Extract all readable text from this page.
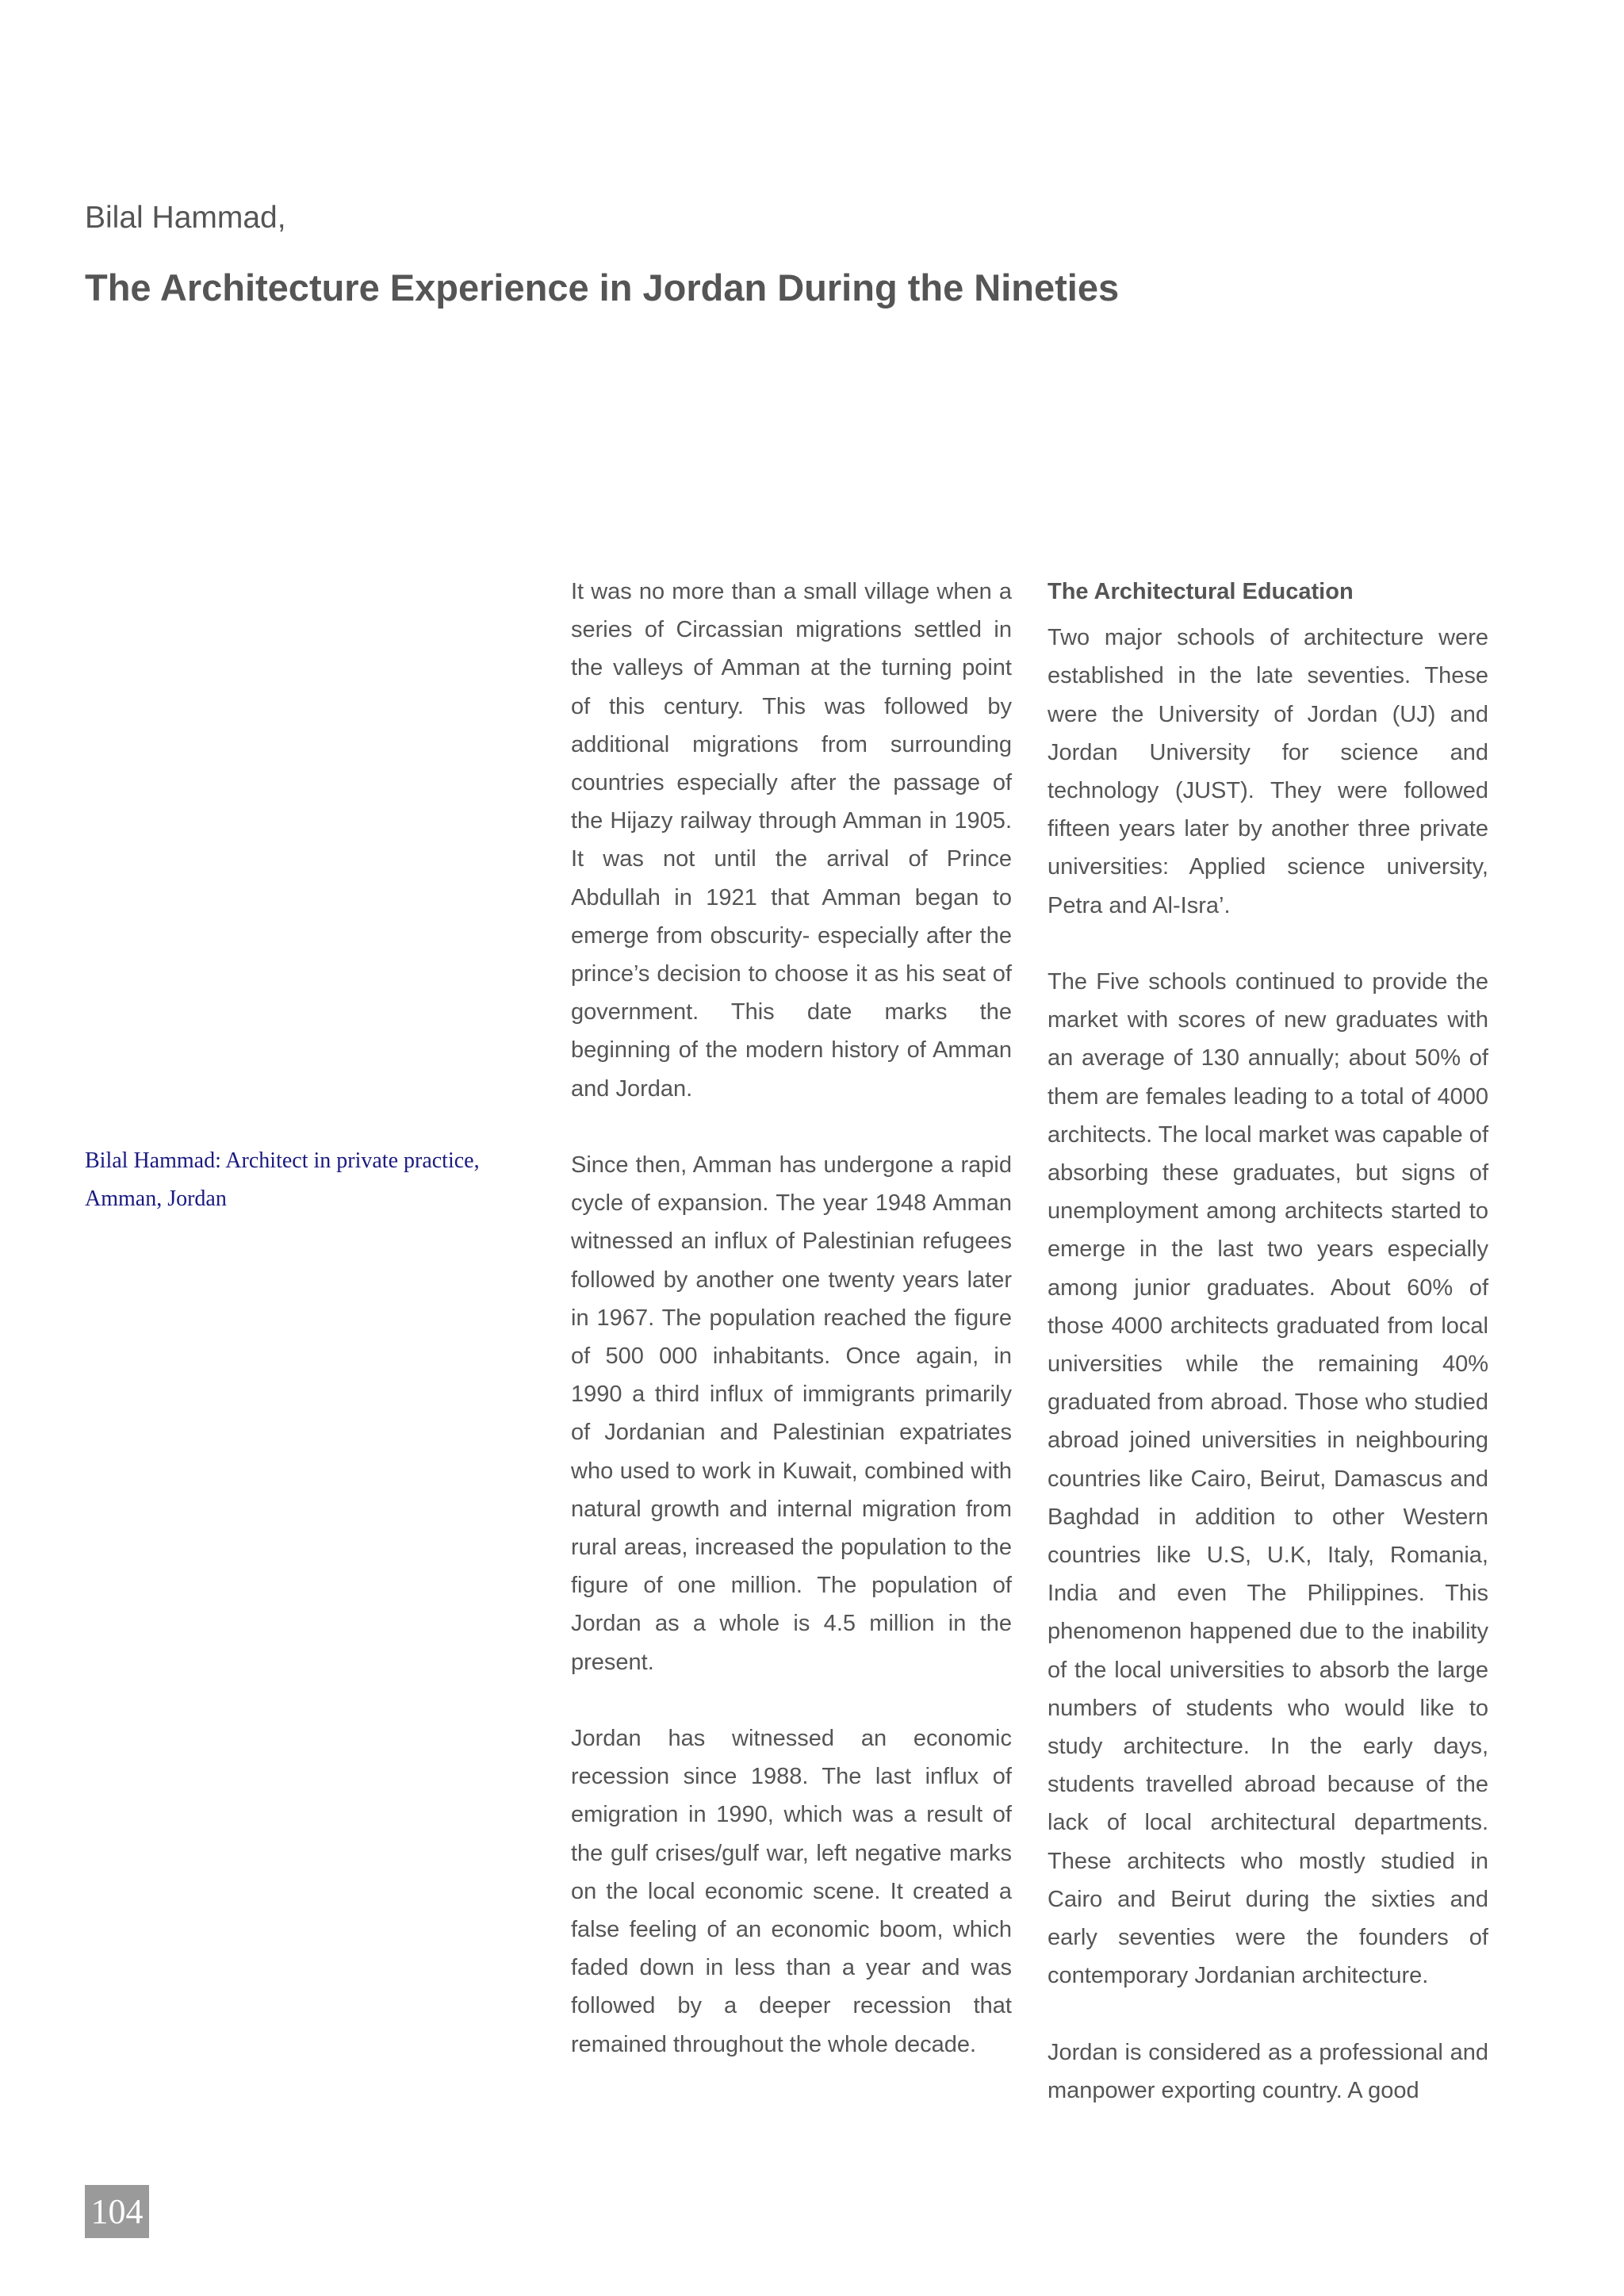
Bilal Hammad,
The Architecture Experience in Jordan During the Nineties
Bilal Hammad: Architect in private practice,
Amman, Jordan

It was no more than a small village when a series of Circassian migrations settled in the valleys of Amman at the turning point of this century. This was followed by additional migrations from surrounding countries especially after the passage of the Hijazy railway through Amman in 1905. It was not until the arrival of Prince Abdullah in 1921 that Amman began to emerge from obscurity- especially after the prince’s decision to choose it as his seat of government. This date marks the beginning of the modern history of Amman and Jordan.

Since then, Amman has undergone a rapid cycle of expansion. The year 1948 Amman witnessed an influx of Palestinian refugees followed by another one twenty years later in 1967. The population reached the figure of 500 000 inhabitants. Once again, in 1990 a third influx of immigrants primarily of Jordanian and Palestinian expatriates who used to work in Kuwait, combined with natural growth and internal migration from rural areas, increased the population to the figure of one million. The population of Jordan as a whole is 4.5 million in the present.

Jordan has witnessed an economic recession since 1988. The last influx of emigration in 1990, which was a result of the gulf crises/gulf war, left negative marks on the local economic scene. It created a false feeling of an economic boom, which faded down in less than a year and was followed by a deeper recession that remained throughout the whole decade.

The Architectural Education

Two major schools of architecture were established in the late seventies. These were the University of Jordan (UJ) and Jordan University for science and technology (JUST). They were followed fifteen years later by another three private universities: Applied science university, Petra and Al-Isra’.

The Five schools continued to provide the market with scores of new graduates with an average of 130 annually; about 50% of them are females leading to a total of 4000 architects. The local market was capable of absorbing these graduates, but signs of unemployment among architects started to emerge in the last two years especially among junior graduates. About 60% of those 4000 architects graduated from local universities while the remaining 40% graduated from abroad. Those who studied abroad joined universities in neighbouring countries like Cairo, Beirut, Damascus and Baghdad in addition to other Western countries like U.S, U.K, Italy, Romania, India and even The Philippines. This phenomenon happened due to the inability of the local universities to absorb the large numbers of students who would like to study architecture. In the early days, students travelled abroad because of the lack of local architectural departments. These architects who mostly studied in Cairo and Beirut during the sixties and early seventies were the founders of contemporary Jordanian architecture.

Jordan is considered as a professional and manpower exporting country. A good

104
